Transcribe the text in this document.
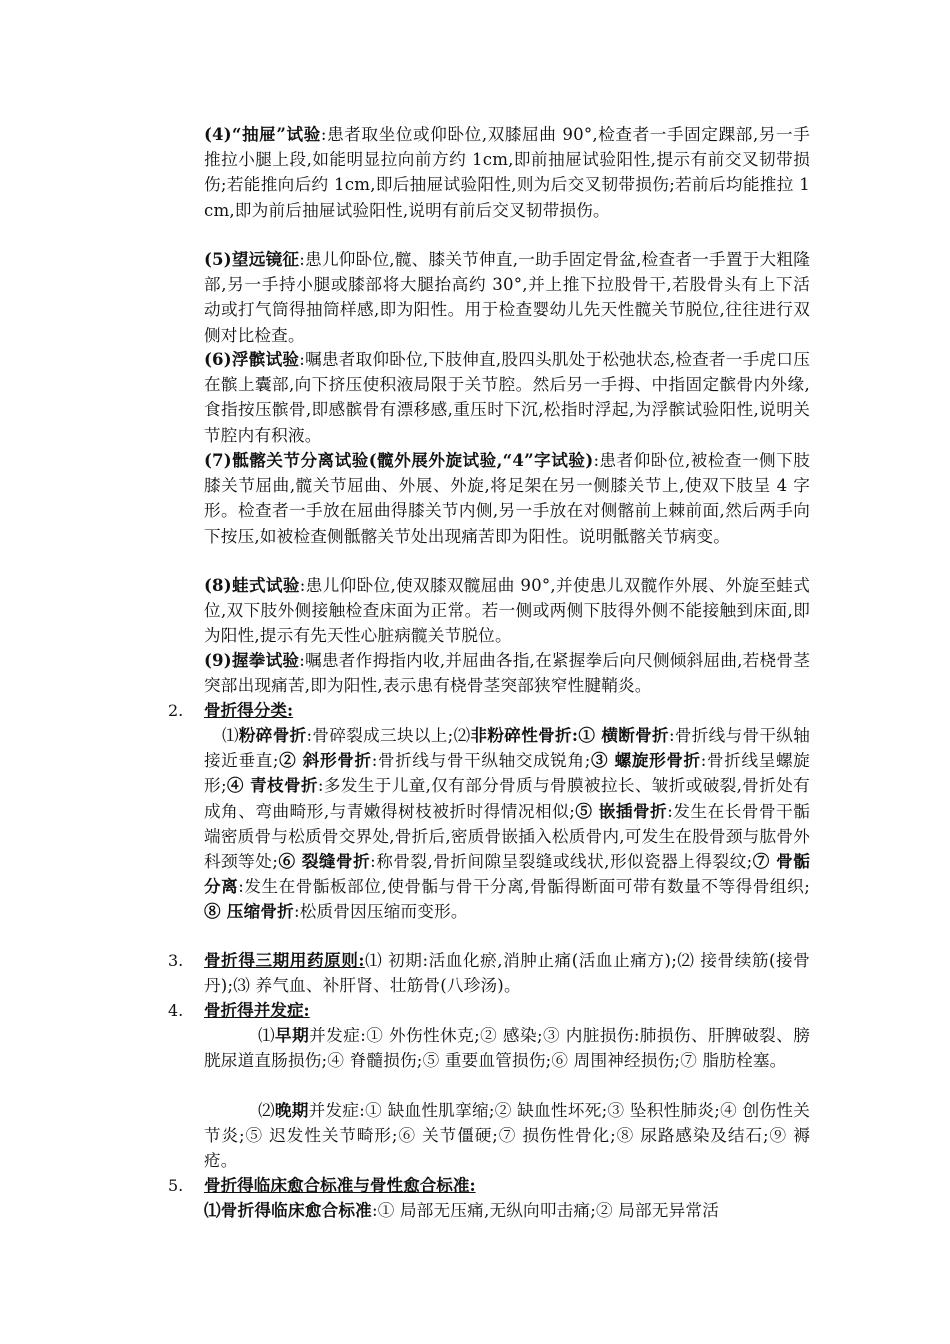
(4)“抽屉”试验:患者取坐位或仰卧位,双膝屈曲 90°,检查者一手固定踝部,另一手推拉小腿上段,如能明显拉向前方约 1cm,即前抽屉试验阳性,提示有前交叉韧带损伤;若能推向后约 1cm,即后抽屉试验阳性,则为后交叉韧带损伤;若前后均能推拉 1cm,即为前后抽屉试验阳性,说明有前后交叉韧带损伤。
(5)望远镜征:患儿仰卧位,髋、膝关节伸直,一助手固定骨盆,检查者一手置于大粗隆部,另一手持小腿或膝部将大腿抬高约 30°,并上推下拉股骨干,若股骨头有上下活动或打气筒得抽筒样感,即为阳性。用于检查婴幼儿先天性髋关节脱位,往往进行双侧对比检查。
(6)浮髌试验:嘱患者取仰卧位,下肢伸直,股四头肌处于松弛状态,检查者一手虎口压在髌上囊部,向下挤压使积液局限于关节腔。然后另一手拇、中指固定髌骨内外缘,食指按压髌骨,即感髌骨有漂移感,重压时下沉,松指时浮起,为浮髌试验阳性,说明关节腔内有积液。
(7)骶髂关节分离试验(髋外展外旋试验,“4”字试验):患者仰卧位,被检查一侧下肢膝关节屈曲,髋关节屈曲、外展、外旋,将足架在另一侧膝关节上,使双下肢呈 4 字形。检查者一手放在屈曲得膝关节内侧,另一手放在对侧髂前上棘前面,然后两手向下按压,如被检查侧骶髂关节处出现痛苦即为阳性。说明骶髂关节病变。
(8)蛙式试验:患儿仰卧位,使双膝双髋屈曲 90°,并使患儿双髋作外展、外旋至蛙式位,双下肢外侧接触检查床面为正常。若一侧或两侧下肢得外侧不能接触到床面,即为阳性,提示有先天性心脏病髋关节脱位。
(9)握拳试验:嘱患者作拇指内收,并屈曲各指,在紧握拳后向尺侧倾斜屈曲,若桡骨茎突部出现痛苦,即为阳性,表示患有桡骨茎突部狭窄性腱鞘炎。
2. 骨折得分类:
⑴粉碎骨折:骨碎裂成三块以上;⑵非粉碎性骨折:① 横断骨折:骨折线与骨干纵轴接近垂直;② 斜形骨折:骨折线与骨干纵轴交成锐角;③ 螺旋形骨折:骨折线呈螺旋形;④ 青枝骨折:多发生于儿童,仅有部分骨质与骨膜被拉长、皱折或破裂,骨折处有成角、弯曲畸形,与青嫩得树枝被折时得情况相似;⑤ 嵌插骨折:发生在长骨骨干骺端密质骨与松质骨交界处,骨折后,密质骨嵌插入松质骨内,可发生在股骨颈与肱骨外科颈等处;⑥ 裂缝骨折:称骨裂,骨折间隙呈裂缝或线状,形似瓷器上得裂纹;⑦ 骨骺分离:发生在骨骺板部位,使骨骺与骨干分离,骨骺得断面可带有数量不等得骨组织;⑧ 压缩骨折:松质骨因压缩而变形。
3. 骨折得三期用药原则:⑴ 初期:活血化瘀,消肿止痛(活血止痛方);⑵ 接骨续筋(接骨丹);⑶ 养气血、补肝肾、壮筋骨(八珍汤)。
4. 骨折得并发症:
⑴早期并发症:① 外伤性休克;② 感染;③ 内脏损伤:肺损伤、肝脾破裂、膀胱尿道直肠损伤;④ 脊髓损伤;⑤ 重要血管损伤;⑥ 周围神经损伤;⑦ 脂肪栓塞。
⑵晚期并发症:① 缺血性肌挛缩;② 缺血性坏死;③ 坠积性肺炎;④ 创伤性关节炎;⑤ 迟发性关节畸形;⑥ 关节僵硬;⑦ 损伤性骨化;⑧ 尿路感染及结石;⑨ 褥疮。
5. 骨折得临床愈合标准与骨性愈合标准:
⑴骨折得临床愈合标准:① 局部无压痛,无纵向叩击痛;② 局部无异常活
